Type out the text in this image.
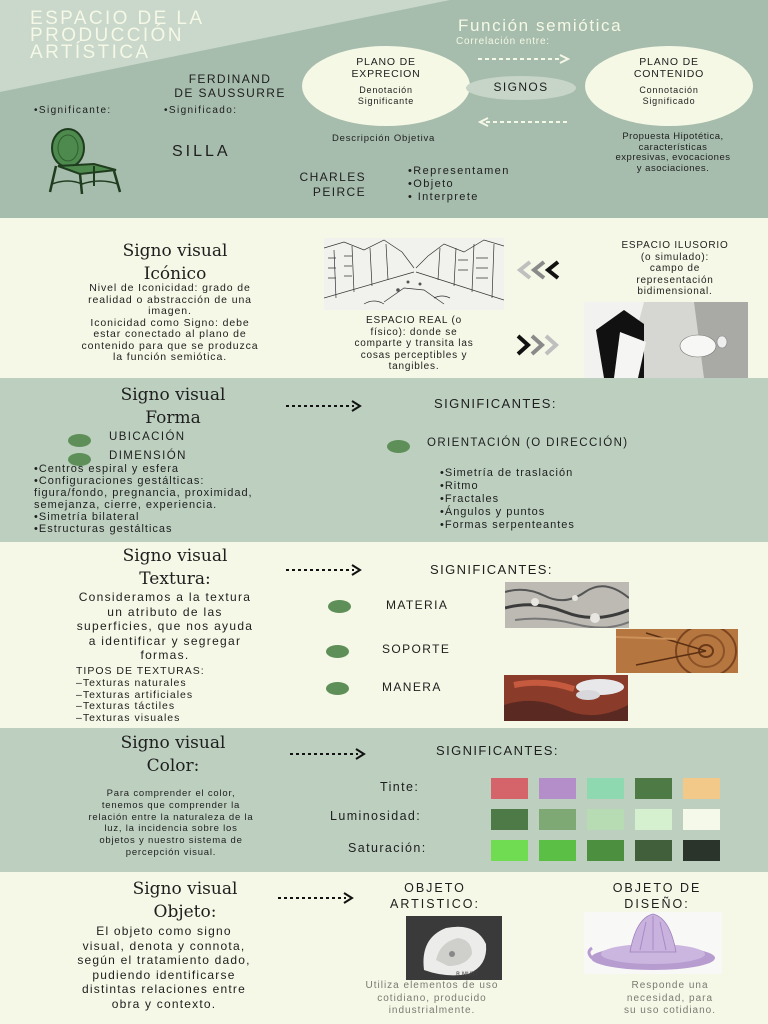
ESPACIO DE LA
PRODUCCIÓN
ARTÍSTICA
Función semiótica
Correlación entre:
PLANO DE
EXPRECION
Denotación
Significante
PLANO DE
CONTENIDO
Connotación
Significado
SIGNOS
Descripción Objetiva	Propuesta Hipotética,
características
expresivas, evocaciones
y asociaciones.
FERDINAND
DE SAUSSURRE
•Significante:	•Significado:
SILLA
CHARLES
PEIRCE
•Representamen
•Objeto
• Interprete
Signo visual
Icónico
Nivel de Iconicidad: grado de
realidad o abstracción de una
imagen.
Iconicidad como Signo: debe
estar conectado al plano de
contenido para que se produzca
la función semiótica.
ESPACIO ILUSORIO
(o simulado):
campo de
representación
bidimensional.
ESPACIO REAL (o
físico): donde se
comparte y transita las
cosas perceptibles y
tangibles.
Signo visual
Forma
SIGNIFICANTES:
UBICACIÓN
DIMENSIÓN
ORIENTACIÓN (O DIRECCIÓN)
•Centros espiral y esfera
•Configuraciones gestálticas:
figura/fondo, pregnancia, proximidad,
semejanza, cierre, experiencia.
•Simetría bilateral
•Estructuras gestálticas
•Simetría de traslación
•Ritmo
•Fractales
•Ángulos y puntos
•Formas serpenteantes
Signo visual
Textura:	SIGNIFICANTES:
Consideramos a la textura
un atributo de las
superficies, que nos ayuda
a identificar y segregar
formas.
TIPOS DE TEXTURAS:
–Texturas naturales
–Texturas artificiales
–Texturas táctiles
–Texturas visuales
MATERIA
SOPORTE
MANERA
Signo visual
Color:
SIGNIFICANTES:
Para comprender el color,
tenemos que comprender la
relación entre la naturaleza de la
luz, la incidencia sobre los
objetos y nuestro sistema de
percepción visual.
Tinte:
Luminosidad:
Saturación:
Signo visual
Objeto:
El objeto como signo
visual, denota y connota,
según el tratamiento dado,
pudiendo identificarse
distintas relaciones entre
obra y contexto.
OBJETO
ARTISTICO:
OBJETO DE
DISEÑO:
R.MUTT
Utiliza elementos de uso
cotidiano, producido
industrialmente.
Responde una
necesidad, para
su uso cotidiano.
